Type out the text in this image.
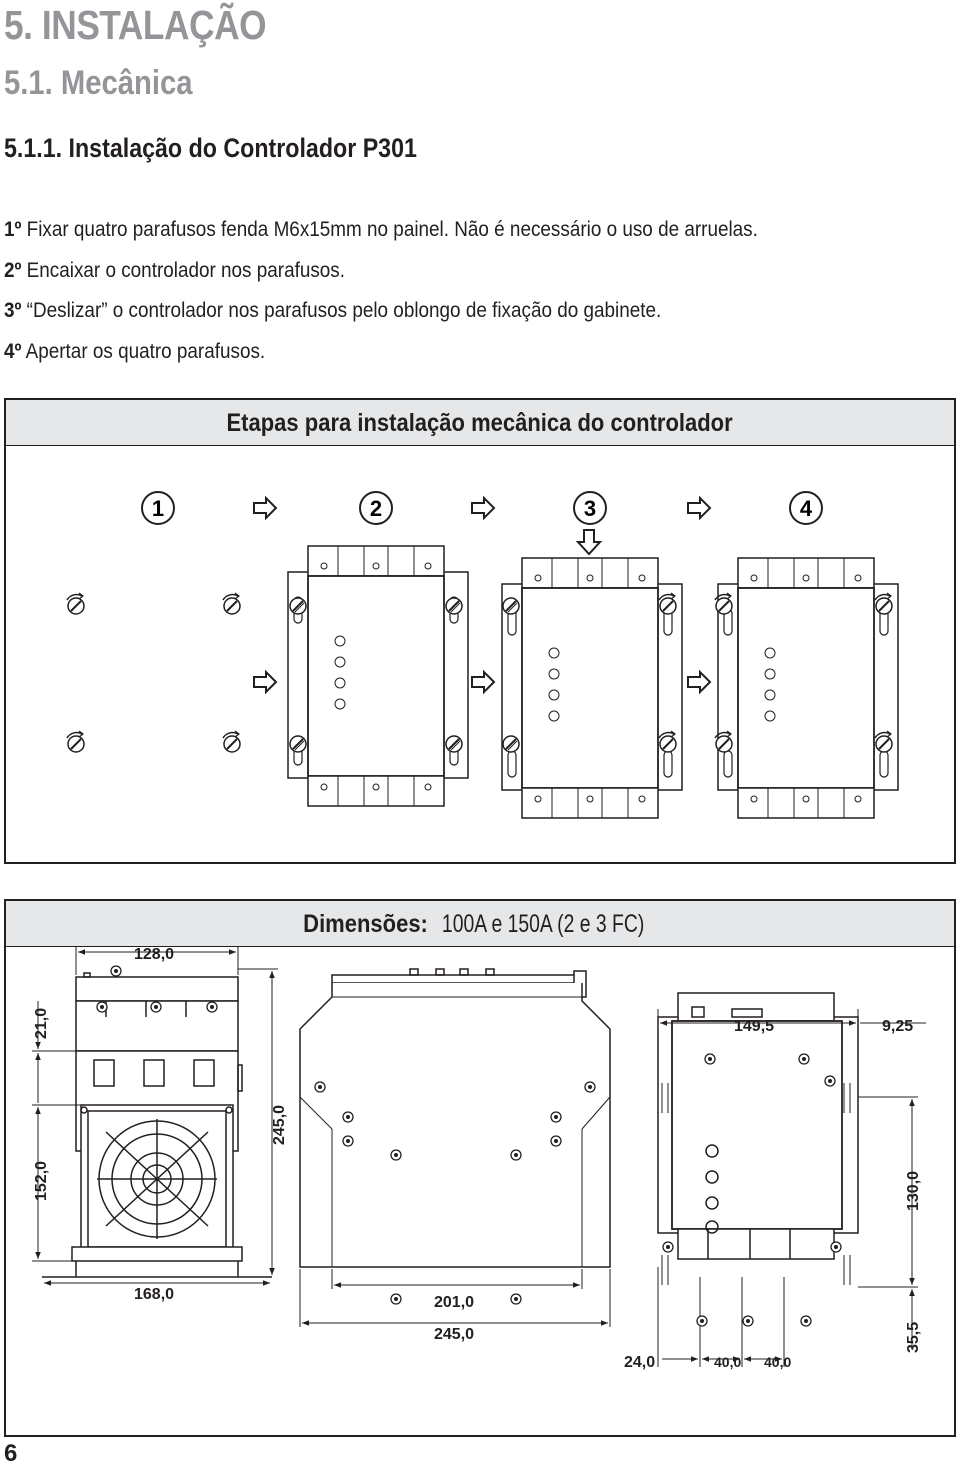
5. INSTALAÇÃO
5.1. Mecânica
5.1.1. Instalação do Controlador P301
1º Fixar quatro parafusos fenda M6x15mm no painel. Não é necessário o uso de arruelas.
2º Encaixar o controlador nos parafusos.
3º “Deslizar” o controlador nos parafusos pelo oblongo de fixação do gabinete.
4º Apertar os quatro parafusos.
Etapas para instalação mecânica do controlador
1	2	3	4
Dimensões:100A e 150A (2 e 3 FC)
128,0
21,0
152,0
245,0
168,0	201,0
245,0
149,5	9,25
130,0
35,5
24,0	40,0 40,0
6
